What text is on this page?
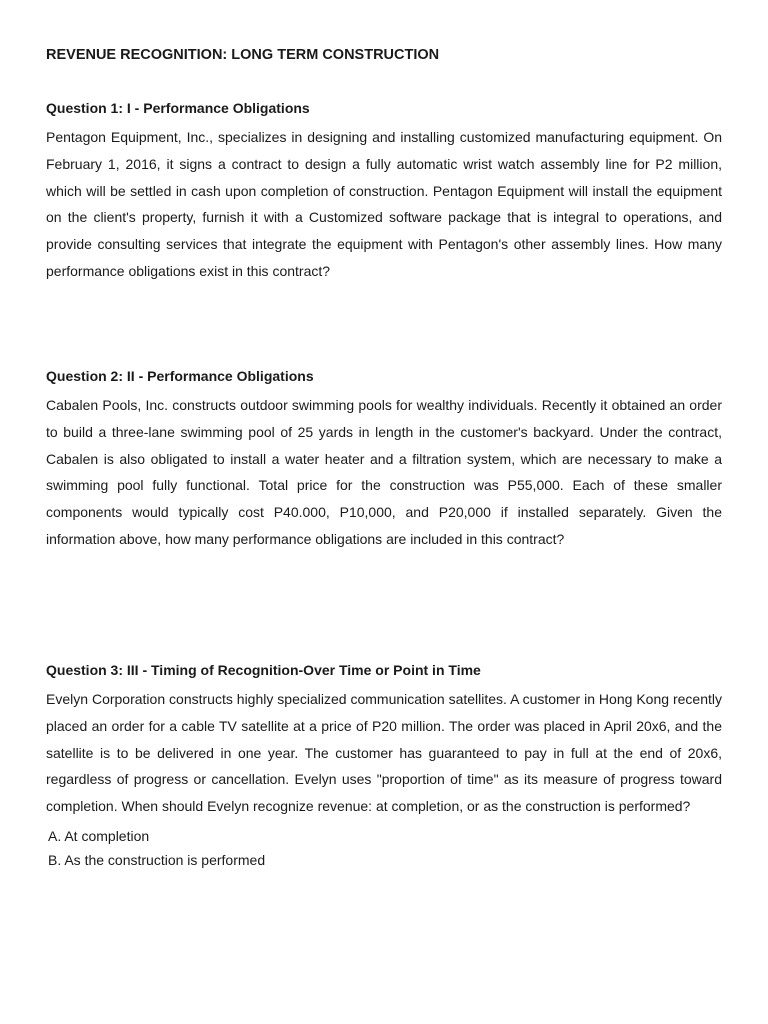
REVENUE RECOGNITION: LONG TERM CONSTRUCTION
Question 1: I - Performance Obligations

Pentagon Equipment, Inc., specializes in designing and installing customized manufacturing equipment. On February 1, 2016, it signs a contract to design a fully automatic wrist watch assembly line for P2 million, which will be settled in cash upon completion of construction. Pentagon Equipment will install the equipment on the client's property, furnish it with a Customized software package that is integral to operations, and provide consulting services that integrate the equipment with Pentagon's other assembly lines. How many performance obligations exist in this contract?

Question 2: II - Performance Obligations

Cabalen Pools, Inc. constructs outdoor swimming pools for wealthy individuals. Recently it obtained an order to build a three-lane swimming pool of 25 yards in length in the customer's backyard. Under the contract, Cabalen is also obligated to install a water heater and a filtration system, which are necessary to make a swimming pool fully functional. Total price for the construction was P55,000. Each of these smaller components would typically cost P40.000, P10,000, and P20,000 if installed separately. Given the information above, how many performance obligations are included in this contract?

Question 3: III - Timing of Recognition-Over Time or Point in Time

Evelyn Corporation constructs highly specialized communication satellites. A customer in Hong Kong recently placed an order for a cable TV satellite at a price of P20 million. The order was placed in April 20x6, and the satellite is to be delivered in one year. The customer has guaranteed to pay in full at the end of 20x6, regardless of progress or cancellation. Evelyn uses "proportion of time" as its measure of progress toward completion. When should Evelyn recognize revenue: at completion, or as the construction is performed?

A. At completion

B. As the construction is performed
